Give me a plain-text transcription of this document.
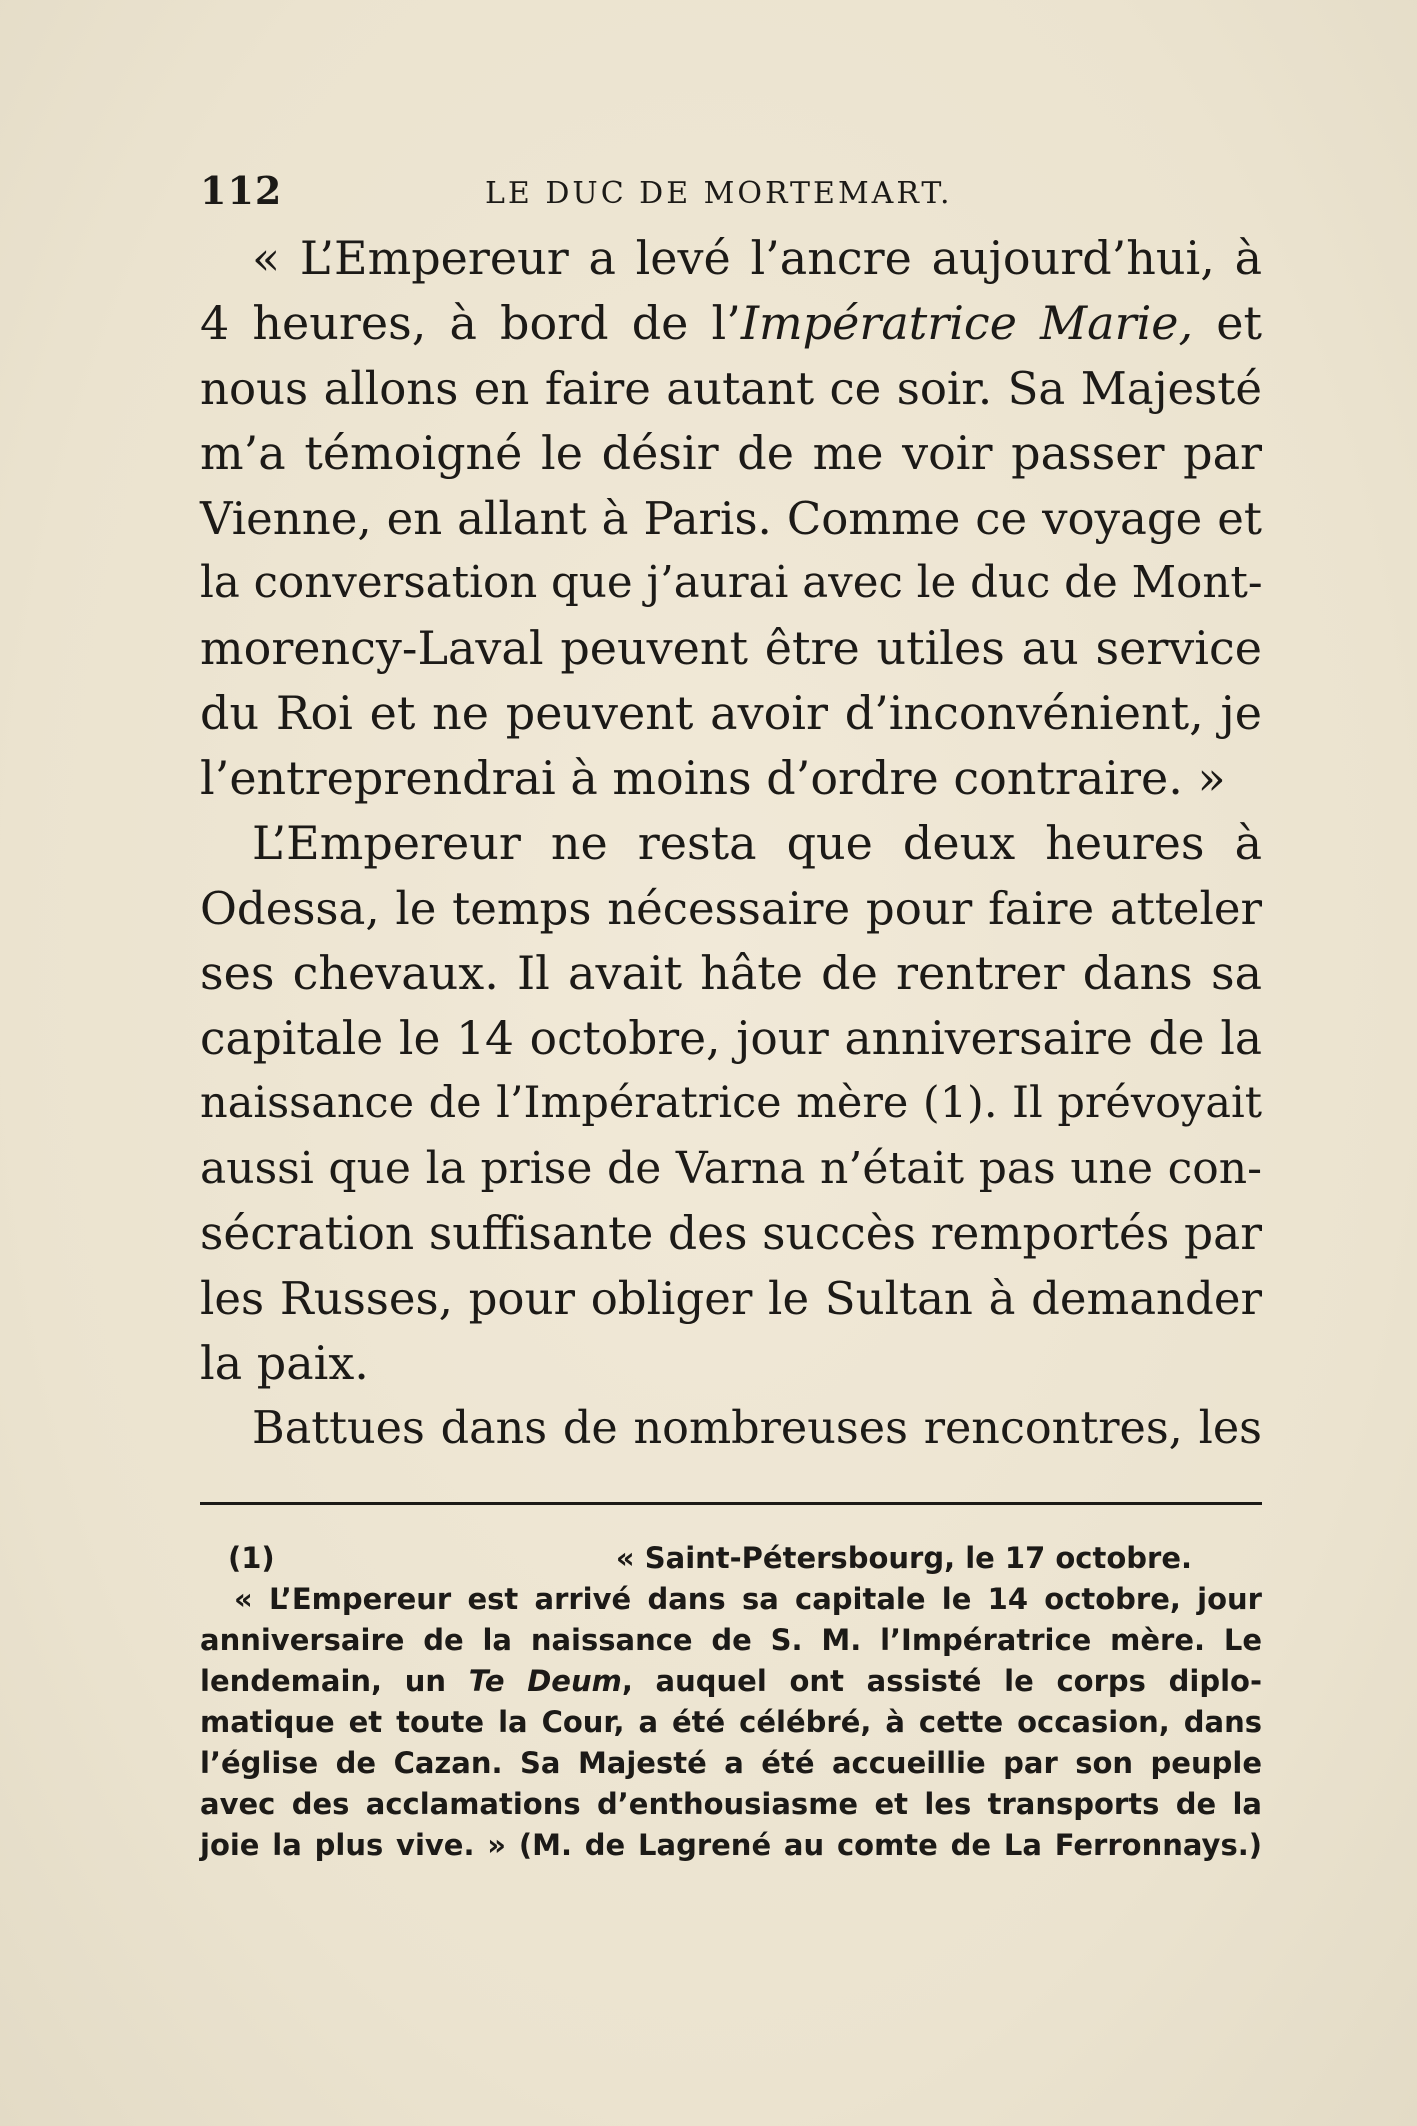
112	LE DUC DE MORTEMART.
« L’Empereur a levé l’ancre aujourd’hui, à
4 heures, à bord de l’Impératrice Marie, et
nous allons en faire autant ce soir. Sa Majesté
m’a témoigné le désir de me voir passer par
Vienne, en allant à Paris. Comme ce voyage et
la conversation que j’aurai avec le duc de Mont-
morency-Laval peuvent être utiles au service
du Roi et ne peuvent avoir d’inconvénient, je
l’entreprendrai à moins d’ordre contraire. »
L’Empereur ne resta que deux heures à
Odessa, le temps nécessaire pour faire atteler
ses chevaux. Il avait hâte de rentrer dans sa
capitale le 14 octobre, jour anniversaire de la
naissance de l’Impératrice mère (1). Il prévoyait
aussi que la prise de Varna n’était pas une con-
sécration suffisante des succès remportés par
les Russes, pour obliger le Sultan à demander
la paix.
Battues dans de nombreuses rencontres, les
(1)	« Saint-Pétersbourg, le 17 octobre.
« L’Empereur est arrivé dans sa capitale le 14 octobre, jour
anniversaire de la naissance de S. M. l’Impératrice mère. Le
lendemain, un Te Deum, auquel ont assisté le corps diplo-
matique et toute la Cour, a été célébré, à cette occasion, dans
l’église de Cazan. Sa Majesté a été accueillie par son peuple
avec des acclamations d’enthousiasme et les transports de la
joie la plus vive. » (M. de Lagrené au comte de La Ferronnays.)
